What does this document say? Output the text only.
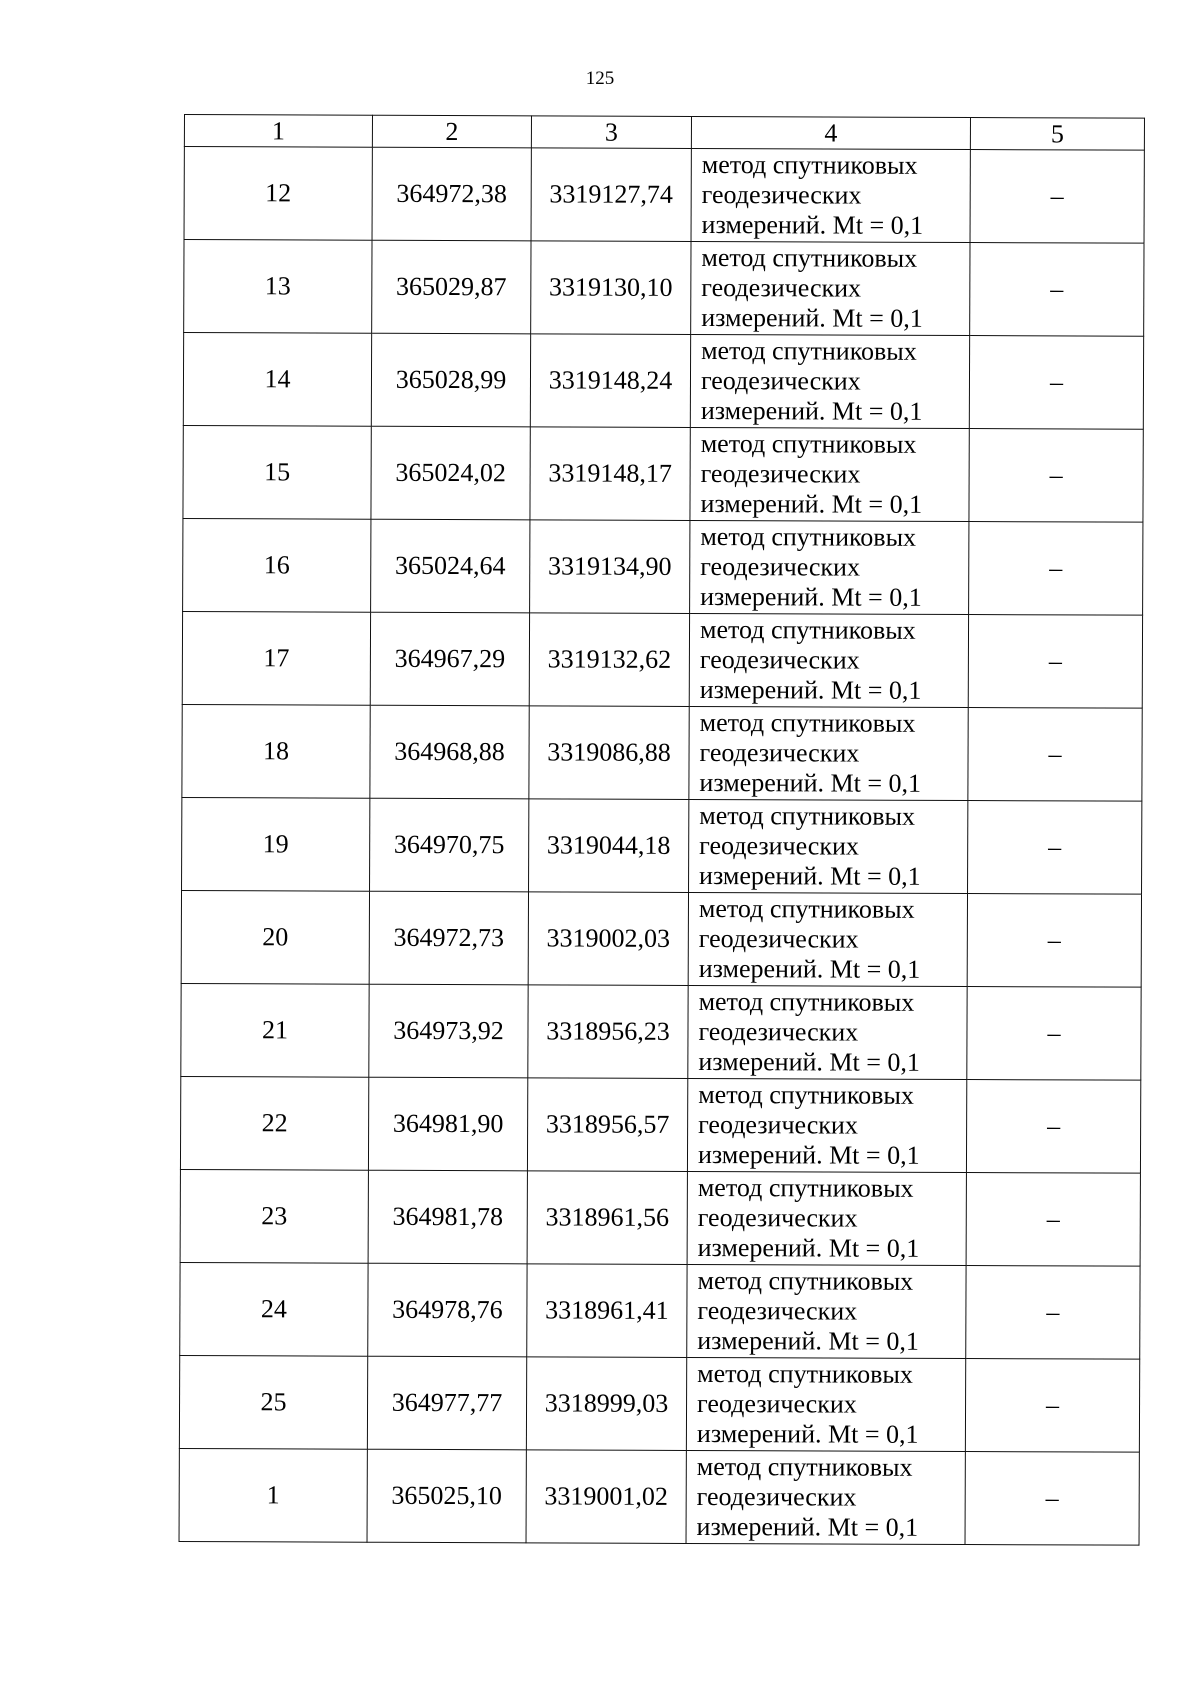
125
1	2	3	4	5
12	364972,38	3319127,74	метод спутниковых
геодезических
измерений. Mt = 0,1	–
13	365029,87	3319130,10	метод спутниковых
геодезических
измерений. Mt = 0,1	–
14	365028,99	3319148,24	метод спутниковых
геодезических
измерений. Mt = 0,1	–
15	365024,02	3319148,17	метод спутниковых
геодезических
измерений. Mt = 0,1	–
16	365024,64	3319134,90	метод спутниковых
геодезических
измерений. Mt = 0,1	–
17	364967,29	3319132,62	метод спутниковых
геодезических
измерений. Mt = 0,1	–
18	364968,88	3319086,88	метод спутниковых
геодезических
измерений. Mt = 0,1	–
19	364970,75	3319044,18	метод спутниковых
геодезических
измерений. Mt = 0,1	–
20	364972,73	3319002,03	метод спутниковых
геодезических
измерений. Mt = 0,1	–
21	364973,92	3318956,23	метод спутниковых
геодезических
измерений. Mt = 0,1	–
22	364981,90	3318956,57	метод спутниковых
геодезических
измерений. Mt = 0,1	–
23	364981,78	3318961,56	метод спутниковых
геодезических
измерений. Mt = 0,1	–
24	364978,76	3318961,41	метод спутниковых
геодезических
измерений. Mt = 0,1	–
25	364977,77	3318999,03	метод спутниковых
геодезических
измерений. Mt = 0,1	–
1	365025,10	3319001,02	метод спутниковых
геодезических
измерений. Mt = 0,1	–
